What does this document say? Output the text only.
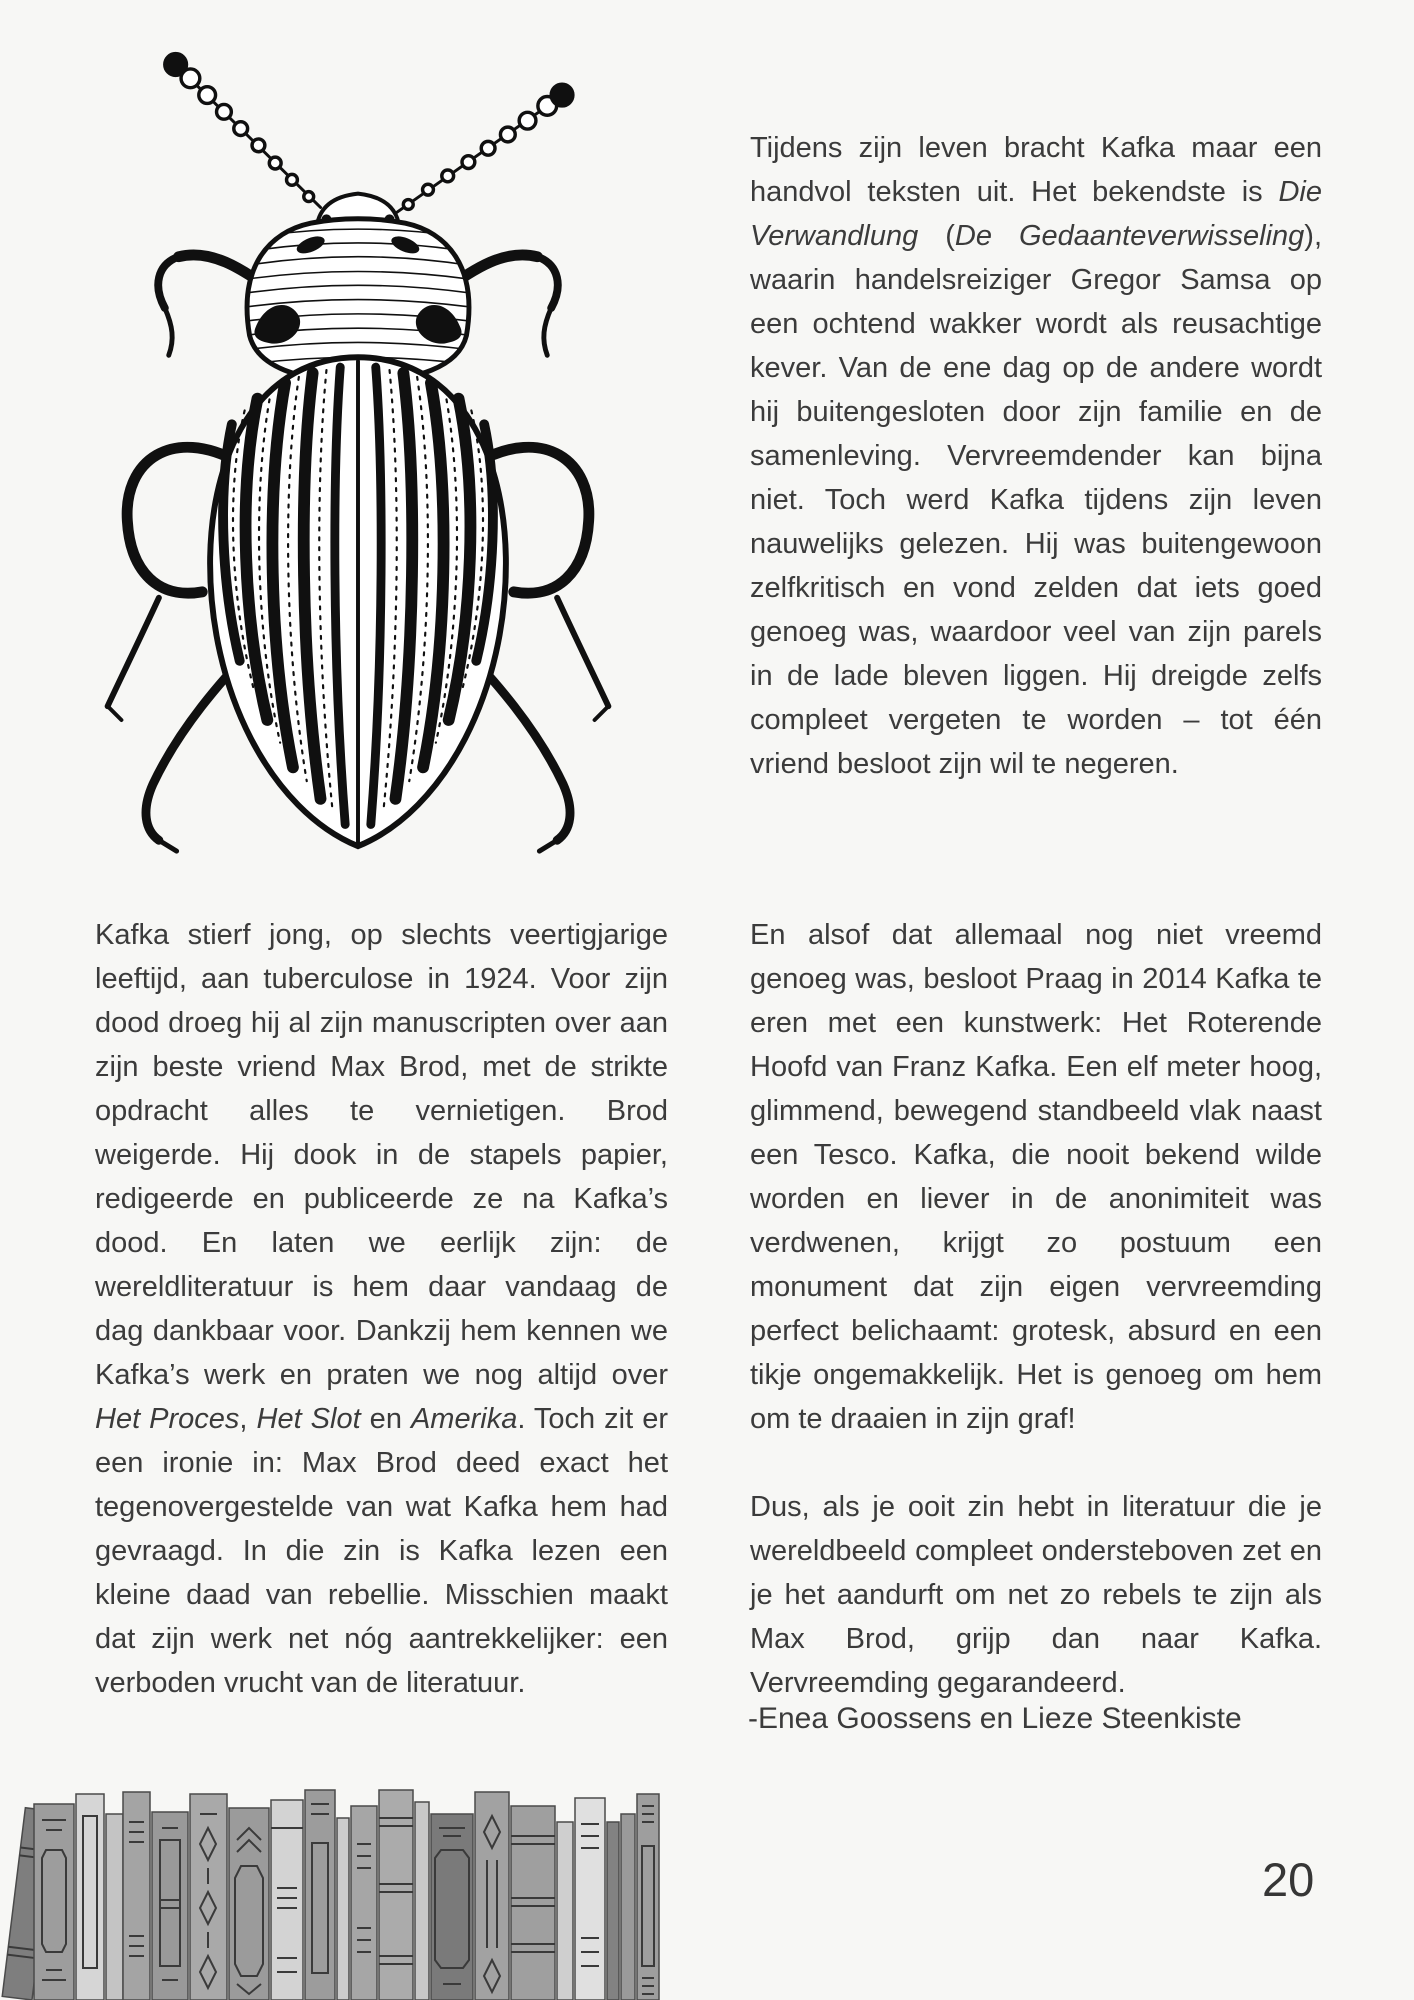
Tijdens zijn leven bracht Kafka maar een handvol teksten uit. Het bekendste is Die Verwandlung (De Gedaanteverwisseling), waarin handelsreiziger Gregor Samsa op een ochtend wakker wordt als reusachtige kever. Van de ene dag op de andere wordt hij buitengesloten door zijn familie en de samenleving. Vervreemdender kan bijna niet. Toch werd Kafka tijdens zijn leven nauwelijks gelezen. Hij was buitengewoon zelfkritisch en vond zelden dat iets goed genoeg was, waardoor veel van zijn parels in de lade bleven liggen. Hij dreigde zelfs compleet vergeten te worden – tot één vriend besloot zijn wil te negeren.

Kafka stierf jong, op slechts veertigjarige leeftijd, aan tuberculose in 1924. Voor zijn dood droeg hij al zijn manuscripten over aan zijn beste vriend Max Brod, met de strikte opdracht alles te vernietigen. Brod weigerde. Hij dook in de stapels papier, redigeerde en publiceerde ze na Kafka’s dood. En laten we eerlijk zijn: de wereldliteratuur is hem daar vandaag de dag dankbaar voor. Dankzij hem kennen we Kafka’s werk en praten we nog altijd over Het Proces, Het Slot en Amerika. Toch zit er een ironie in: Max Brod deed exact het tegenovergestelde van wat Kafka hem had gevraagd. In die zin is Kafka lezen een kleine daad van rebellie. Misschien maakt dat zijn werk net nóg aantrekkelijker: een verboden vrucht van de literatuur.

En alsof dat allemaal nog niet vreemd genoeg was, besloot Praag in 2014 Kafka te eren met een kunstwerk: Het Roterende Hoofd van Franz Kafka. Een elf meter hoog, glimmend, bewegend standbeeld vlak naast een Tesco. Kafka, die nooit bekend wilde worden en liever in de anonimiteit was verdwenen, krijgt zo postuum een monument dat zijn eigen vervreemding perfect belichaamt: grotesk, absurd en een tikje ongemakkelijk. Het is genoeg om hem om te draaien in zijn graf!

Dus, als je ooit zin hebt in literatuur die je wereldbeeld compleet ondersteboven zet en je het aandurft om net zo rebels te zijn als Max Brod, grijp dan naar Kafka. Vervreemding gegarandeerd.

-Enea Goossens en Lieze Steenkiste
20
